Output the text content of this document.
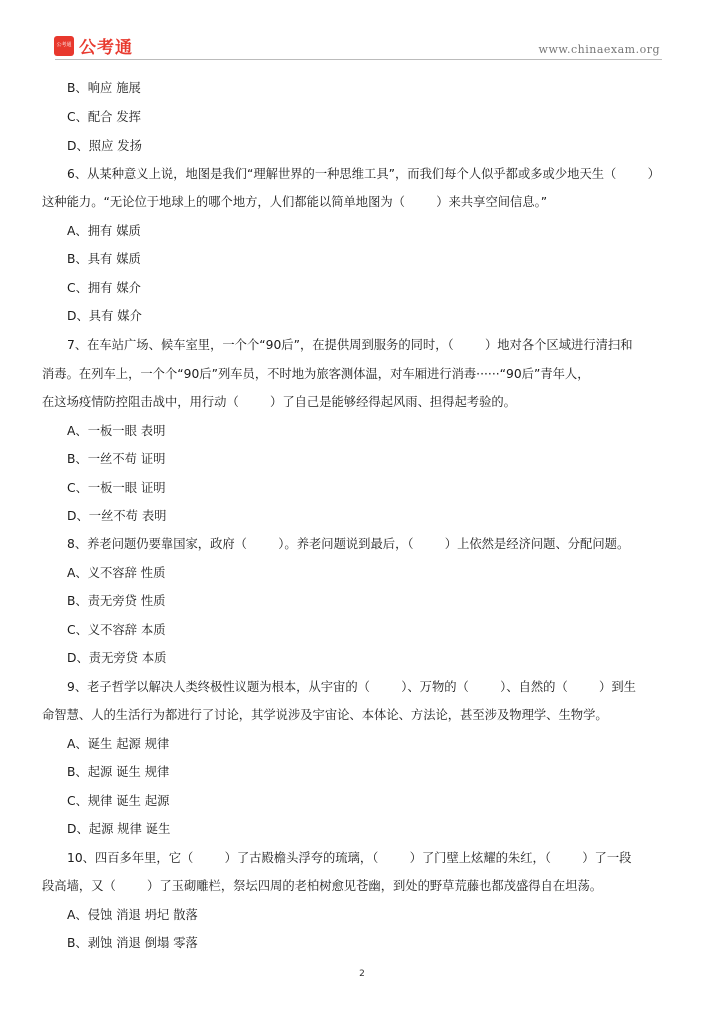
公考通 公考通	www.chinaexam.org
B、响应 施展
C、配合 发挥
D、照应 发扬
6、从某种意义上说，地图是我们“理解世界的一种思维工具”，而我们每个人似乎都或多或少地天生（        ）
这种能力。“无论位于地球上的哪个地方，人们都能以简单地图为（        ）来共享空间信息。”
A、拥有 媒质
B、具有 媒质
C、拥有 媒介
D、具有 媒介
7、在车站广场、候车室里，一个个“90后”，在提供周到服务的同时，（        ）地对各个区域进行清扫和
消毒。在列车上，一个个“90后”列车员，不时地为旅客测体温，对车厢进行消毒······“90后”青年人，
在这场疫情防控阻击战中，用行动（        ）了自己是能够经得起风雨、担得起考验的。
A、一板一眼 表明
B、一丝不苟 证明
C、一板一眼 证明
D、一丝不苟 表明
8、养老问题仍要靠国家，政府（        ）。养老问题说到最后，（        ）上依然是经济问题、分配问题。
A、义不容辞 性质
B、责无旁贷 性质
C、义不容辞 本质
D、责无旁贷 本质
9、老子哲学以解决人类终极性议题为根本，从宇宙的（        ）、万物的（        ）、自然的（        ）到生
命智慧、人的生活行为都进行了讨论，其学说涉及宇宙论、本体论、方法论，甚至涉及物理学、生物学。
A、诞生 起源 规律
B、起源 诞生 规律
C、规律 诞生 起源
D、起源 规律 诞生
10、四百多年里，它（        ）了古殿檐头浮夸的琉璃，（        ）了门壁上炫耀的朱红，（        ）了一段
段高墙，又（        ）了玉砌雕栏，祭坛四周的老柏树愈见苍幽，到处的野草荒藤也都茂盛得自在坦荡。
A、侵蚀 消退 坍圮 散落
B、剥蚀 消退 倒塌 零落
2
